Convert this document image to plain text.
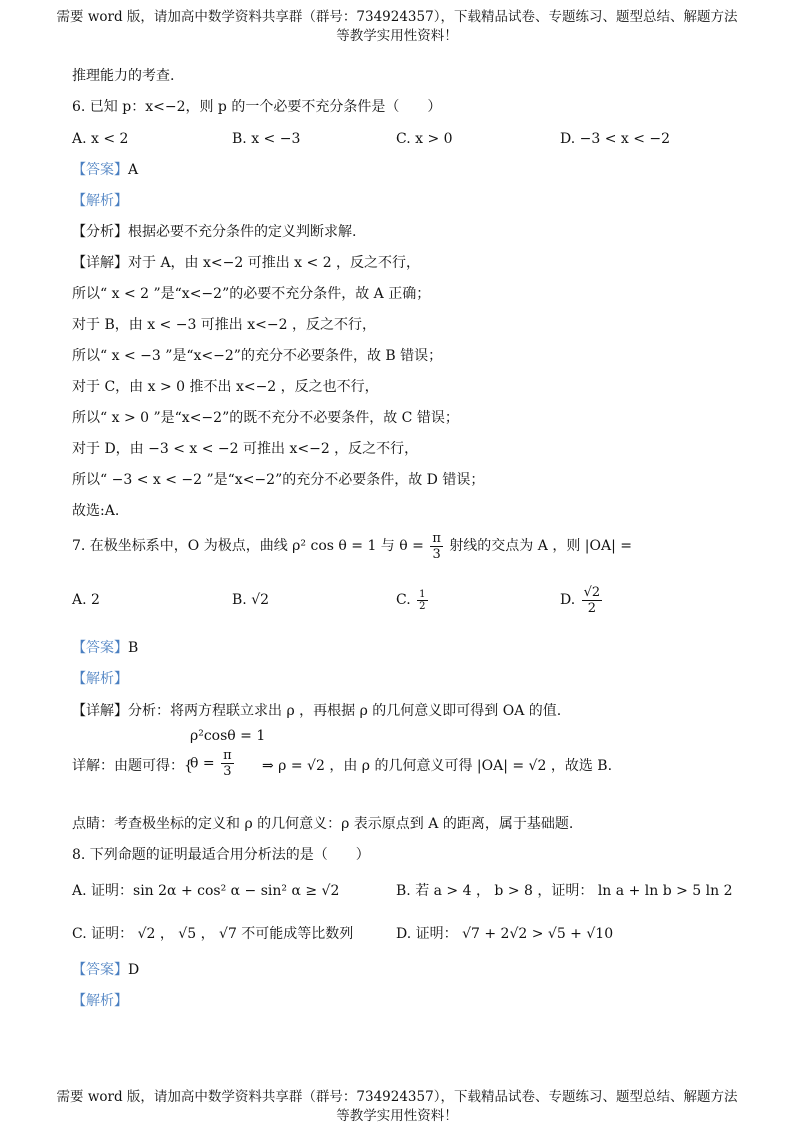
需要 word 版，请加高中数学资料共享群（群号：734924357），下载精品试卷、专题练习、题型总结、解题方法
等教学实用性资料！
推理能力的考查.
6. 已知 p：x<−2，则 p 的一个必要不充分条件是（　　）
A. x < 2	B. x < −3	C. x > 0	D. −3 < x < −2
【答案】A
【解析】
【分析】根据必要不充分条件的定义判断求解.
【详解】对于 A，由 x<−2 可推出 x < 2 ，反之不行，
所以“ x < 2 ”是“x<−2”的必要不充分条件，故 A 正确；
对于 B，由 x < −3 可推出 x<−2 ，反之不行，
所以“ x < −3 ”是“x<−2”的充分不必要条件，故 B 错误；
对于 C，由 x > 0 推不出 x<−2 ，反之也不行，
所以“ x > 0 ”是“x<−2”的既不充分不必要条件，故 C 错误；
对于 D，由 −3 < x < −2 可推出 x<−2 ，反之不行，
所以“ −3 < x < −2 ”是“x<−2”的充分不必要条件，故 D 错误；
故选:A.
7. 在极坐标系中，O 为极点，曲线 ρ² cos θ = 1 与 $\theta = \frac{\pi}{3}$ 射线的交点为 A ，则 |OA| =
A. 2	B. √2	C. $\frac{1}{2}$	D. $\frac{√2}{2}$
【答案】B
【解析】
【详解】分析：将两方程联立求出 ρ ，再根据 ρ 的几何意义即可得到 OA 的值.
详解：由题可得：{
ρ²cosθ = 1
$\theta = \frac{\pi}{3}$ ⇒ ρ = √2 ，由 ρ 的几何意义可得 |OA| = √2 ，故选 B.
点睛：考查极坐标的定义和 ρ 的几何意义：ρ 表示原点到 A 的距离，属于基础题.
8. 下列命题的证明最适合用分析法的是（　　）
A. 证明：sin 2α + cos² α − sin² α ≥ √2	B. 若 a > 4 ， b > 8 ，证明： ln a + ln b > 5 ln 2
C. 证明： √2 ， √5 ， √7 不可能成等比数列	D. 证明： √7 + 2√2 > √5 + √10
【答案】D
【解析】
需要 word 版，请加高中数学资料共享群（群号：734924357），下载精品试卷、专题练习、题型总结、解题方法
等教学实用性资料！
